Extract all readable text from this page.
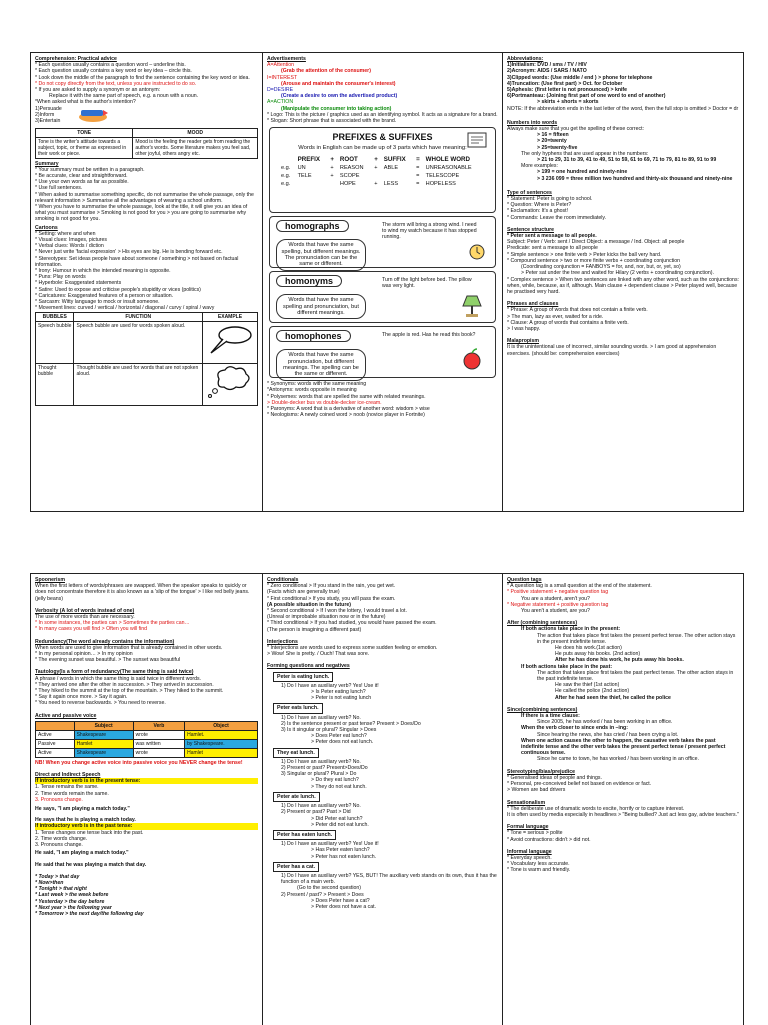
Comprehension: Practical advice
* Each question usually contains a question word – underline this.
* Each question usually contains a key word or key idea – circle this.
* Look down the middle of the paragraph to find the sentence containing the key word or idea.
* Do not copy directly from the text, unless you are instructed to do so.
* If you are asked to supply a synonym or an antonym:
Replace it with the same part of speech, e.g. a noun with a noun.
*When asked what is the author's intention?
1)Persuade
2)Inform
3)Entertain
TONE	MOOD
Tone is the writer's attitude towards a subject, topic, or theme as expressed in their work or piece.	Mood is the feeling the reader gets from reading the author's words. Some literature makes you feel sad, other joyful, others angry etc.
Summary
* Your summary must be written in a paragraph.
* Be accurate, clear and straightforward.
* Use your own words as far as possible.
* Use full sentences.
* When asked to summarise something specific, do not summarise the whole passage, only the relevant information > Summarise all the advantages of wearing a school uniform.
* When you have to summarise the whole passage, look at the title, it will give you an idea of what you must summarise > Smoking is not good for you > you are going to summarise why smoking is not good for you.
Cartoons
* Setting: where and when
* Visual clues: Images, pictures
* Verbal clues: Words / diction
* Never just write 'facial expression' > His eyes are big. He is bending forward etc.
* Stereotypes: Set ideas people have about someone / something > not based on factual information.
* Irony: Humour in which the intended meaning is opposite.
* Puns: Play on words
* Hyperbole: Exaggerated statements
* Satire: Used to expose and criticise people's stupidity or vices (politics)
* Caricatures: Exaggerated features of a person or situation.
* Sarcasm: Witty language to mock or insult someone.
* Movement lines: curved / vertical / horizontal / diagonal / curvy / spiral / wavy
BUBBLES	FUNCTION	EXAMPLE
Speech bubble	Speech bubble are used for words spoken aloud.	
Thought bubble	Thought bubble are used for words that are not spoken aloud.	
Advertisements
A=Attention
(Grab the attention of the consumer)
I=INTEREST
(Arouse and maintain the consumer's interest)
D=DESIRE
(Create a desire to own the advertised product)
A=ACTION
(Manipulate the consumer into taking action)
* Logo: This is the picture / graphics used as an identifying symbol. It acts as a signature for a brand.
* Slogan: Short phrase that is associated with the brand.
PREFIXES & SUFFIXES
Words in English can be made up of 3 parts which have meaning:
	PREFIX	+	ROOT	+	SUFFIX	=	WHOLE WORD
e.g.	UN	+	REASON	+	ABLE	=	UNREASONABLE
e.g.	TELE	+	SCOPE			=	TELESCOPE
e.g.			HOPE	+	LESS	=	HOPELESS
homographs
Words that have the same spelling, but different meanings. The pronunciation can be the same or different.
The storm will bring a strong wind. I need to wind my watch because it has stopped running.
homonyms
Words that have the same spelling and pronunciation, but different meanings.
Turn off the light before bed. The pillow was very light.
homophones
Words that have the same pronunciation, but different meanings. The spelling can be the same or different.
The apple is red. Has he read this book?
* Synonyms: words with the same meaning
*Antonyms: words opposite in meaning
* Polysemes: words that are spelled the same with related meanings.
> Double-decker bus vs double-decker ice-cream.
* Paronyms: A word that is a derivative of another word: wisdom > wise
* Neologisms: A newly coined word > noob (novice player in Fortnite)
Abbreviations:
1)Initialism: DVD / sms / TV / HIV
2)Acronym: AIDS / SARS / NATO
3)Clipped words: (Use middle / end ) > phone for telephone
4)Truncation: (Use first part) > Oct. for October
5)Aphesis: (first letter is not pronounced) > knife
6)Portmanteau: (Joining first part of one word to end of another)
> skirts + shorts = skorts
NOTE: If the abbreviation ends in the last letter of the word, then the full stop is omitted > Doctor = dr
Numbers into words
Always make sure that you get the spelling of these correct:
> 16 = fifteen
> 20=twenty
> 25=twenty-five
The only hyphens that are used appear in the numbers:
> 21 to 29, 31 to 39, 41 to 49, 51 to 59, 61 to 69, 71 to 79, 81 to 89, 91 to 99
More examples:
> 199 = one hundred and ninety-nine
> 3 236 099 = three million two hundred and thirty-six thousand and ninety-nine
Type of sentences
* Statement: Peter is going to school.
* Question: Where is Peter?
* Exclamation: It's a ghost!
* Commands: Leave the room immediately.
Sentence structure
* Peter sent a message to all people.
Subject: Peter / Verb: sent / Direct Object: a message / Ind. Object: all people
Predicate: sent a message to all people
* Simple sentence > one finite verb > Peter kicks the ball very hard.
* Compound sentence > two or more finite verbs + coordinating conjunction
(Coordinating conjunction = FANBOYS = for, and, nor, but, or, yet, so)
> Peter sat under the tree and waited for Hilary (2 verbs + coordinating conjunction).
* Complex sentence > When two sentences are linked with any other word, such as the conjunctions: when, while, because, as if, although. Main clause + dependent clause > Peter played well, because he practised very hard.
Phrases and clauses
* Phrase: A group of words that does not contain a finite verb.
> The man, lazy as ever, waited for a ride.
* Clause: A group of words that contains a finite verb.
> I was happy.
Malapropism
It is the unintentional use of incorrect, similar sounding words. > I am good at apprehension exercises. (should be: comprehension exercises)
Spoonerism
When the first letters of words/phrases are swapped. When the speaker speaks to quickly or does not concentrate therefore it is also known as a 'slip of the tongue' > I like red belly jeans. (jelly beans)
Verbosity (A lot of words instead of one)
The use of more words than are necessary.
* In some instances, the parties can > Sometimes the parties can…
* In many cases you will find > Often you will find
Redundancy(The word already contains the information)
When words are used to give information that is already contained in other words.
* In my personal opinion… > In my opinion
* The evening sunset was beautiful. > The sunset was beautiful
Tautology(Is a form of redundancy(The same thing is said twice)
A phrase / words in which the same thing is said twice in different words.
* They arrived one after the other in succession. > They arrived in succession.
* They hiked to the summit at the top of the mountain. > They hiked to the summit.
* Say it again once more. > Say it again.
* You need to reverse backwards. > You need to reverse.
Active and passive voice
	Subject	Verb	Object
Active	Shakespeare	wrote	Hamlet.
Passive	Hamlet	was written	by Shakespeare.
Active	Shakespeare	wrote	Hamlet
NB! When you change active voice into passive voice you NEVER change the tense!
Direct and Indirect Speech
If introductory verb is in the present tense:
1. Tense remains the same.
2. Time words remain the same.
3. Pronouns change.
He says, "I am playing a match today."
He says that he is playing a match today.
If introductory verb is in the past tense:
1. Tense changes one tense back into the past.
2. Time words change.
3. Pronouns change.
He said, "I am playing a match today."
He said that he was playing a match that day.
* Today > that day
* Now>then
* Tonight > that night
* Last week > the week before
* Yesterday > the day before
* Next year > the following year
* Tomorrow > the next day/the following day
Conditionals
* Zero conditional > If you stand in the rain, you get wet.
(Facts which are generally true)
* First conditional > If you study, you will pass the exam.
(A possible situation in the future)
* Second conditional > If I won the lottery, I would travel a lot.
(Unreal or improbable situation now or in the future)
* Third conditional > If you had studied, you would have passed the exam.
(The person is imagining a different past)
Interjections
* Interjections are words used to express some sudden feeling or emotion.
> Wow! She is pretty. / Ouch! That was sore.
Forming questions and negatives
Peter is eating lunch.
1) Do I have an auxiliary verb? Yes! Use it!
> Is Peter eating lunch?
> Peter is not eating lunch
Peter eats lunch.
1) Do I have an auxiliary verb? No.
2) Is the sentence present or past tense? Present > Does/Do
3) Is it singular or plural? Singular > Does
> Does Peter eat lunch?
> Peter does not eat lunch.
They eat lunch.
1) Do I have an auxiliary verb? No.
2) Present or past? Present>Does/Do
3) Singular or plural? Plural > Do
> Do they eat lunch?
> They do not eat lunch.
Peter ate lunch.
1) Do I have an auxiliary verb? No.
2) Present or past? Past > Did
> Did Peter eat lunch?
> Peter did not eat lunch.
Peter has eaten lunch.
1) Do I have an auxiliary verb? Yes! Use it!
> Has Peter eaten lunch?
> Peter has not eaten lunch.
Peter has a cat.
1) Do I have an auxiliary verb? YES, BUT! The auxiliary verb stands on its own, thus it has the function of a main verb.
(Go to the second question)
2) Present / past? > Present > Does
> Does Peter have a cat?
> Peter does not have a cat.
Question tags
* A question tag is a small question at the end of the statement.
* Positive statement + negative question tag
You are a student, aren't you?
* Negative statement + positive question tag
You aren't a student, are you?
After (combining sentences)
If both actions take place in the present:
The action that takes place first takes the present perfect tense. The other action stays in the present indefinite tense.
He does his work.(1st action)
He puts away his books. (2nd action)
After he has done his work, he puts away his books.
If both actions take place in the past:
The action that takes place first takes the past perfect tense. The other action stays in the past indefinite tense.
He saw the thief (1st action)
He called the police (2nd action)
After he had seen the thief, he called the police
Since(combining sentences)
If there is a time clause:
Since 2005, he has worked / has been working in an office.
When the verb closer to since ends in –ing:
Since hearing the news, she has cried / has been crying a lot.
When one action causes the other to happen, the causative verb takes the past indefinite tense and the other verb takes the present perfect tense / present perfect continuous tense.
Since he came to town, he has worked / has been working in an office.
Stereotyping/bias/prejudice
* Generalised ideas of people and things.
* Personal, pre-conceived belief not based on evidence or fact.
> Women are bad drivers
Sensationalism
* The deliberate use of dramatic words to excite, horrify or to capture interest.
It is often used by media especially in headlines > "Being bullied? Just act less gay, advise teachers."
Formal language
* Tone = serious > polite
* Avoid contractions: didn't > did not.
Informal language
* Everyday speech.
* Vocabulary less accurate.
* Tone is warm and friendly.
